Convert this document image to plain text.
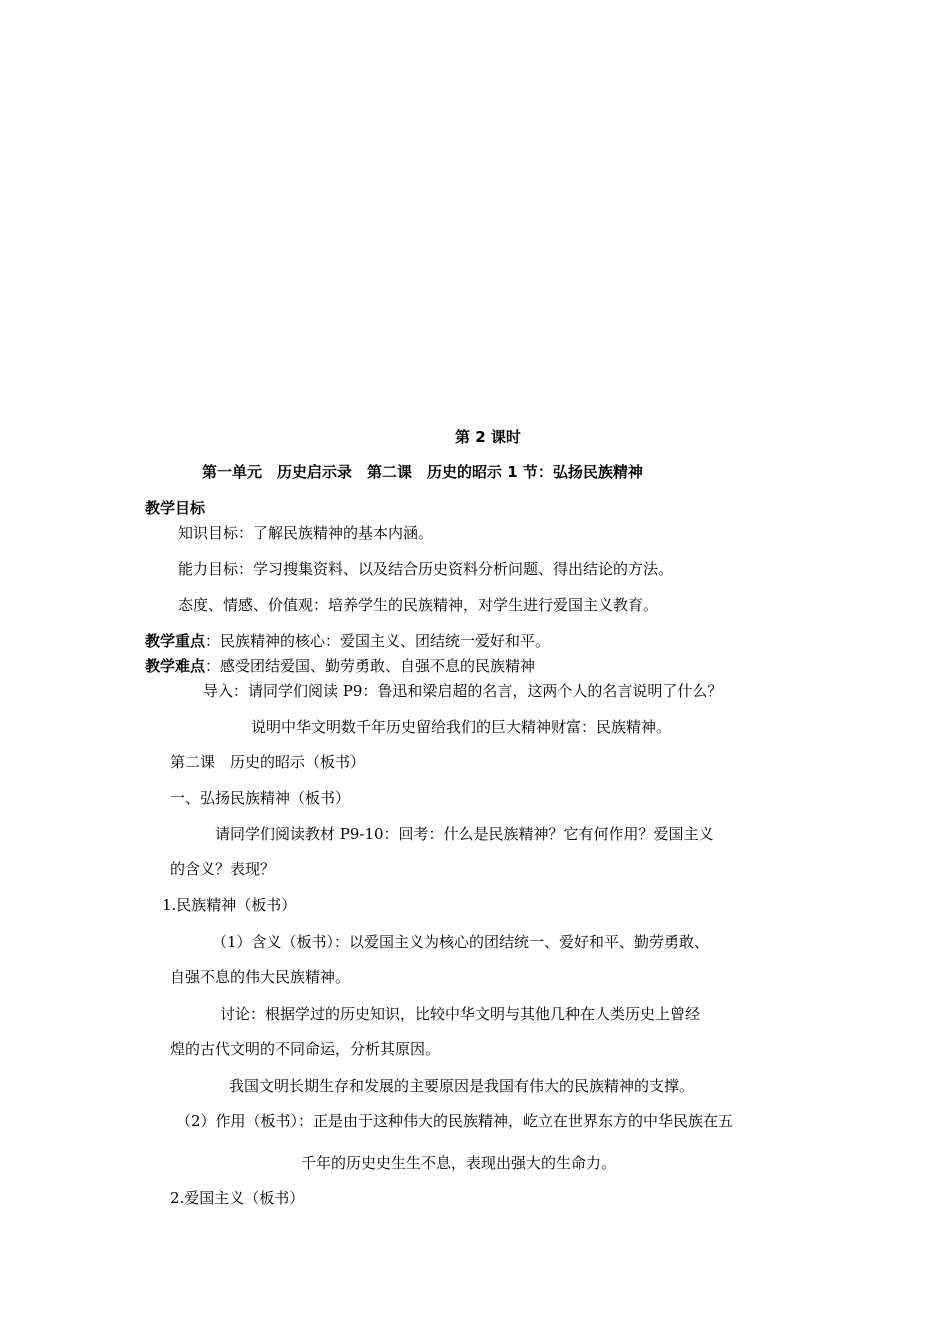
第 2 课时
第一单元　历史启示录　第二课　历史的昭示 1 节：弘扬民族精神
教学目标
知识目标：了解民族精神的基本内涵。
能力目标：学习搜集资料、以及结合历史资料分析问题、得出结论的方法。
态度、情感、价值观：培养学生的民族精神，对学生进行爱国主义教育。
教学重点：民族精神的核心：爱国主义、团结统一爱好和平。
教学难点：感受团结爱国、勤劳勇敢、自强不息的民族精神
导入：请同学们阅读 P9：鲁迅和梁启超的名言，这两个人的名言说明了什么？
说明中华文明数千年历史留给我们的巨大精神财富：民族精神。
第二课　历史的昭示（板书）
一、弘扬民族精神（板书）
请同学们阅读教材 P9-10：回考：什么是民族精神？它有何作用？爱国主义
的含义？表现？
1.民族精神（板书）
（1）含义（板书）：以爱国主义为核心的团结统一、爱好和平、勤劳勇敢、
自强不息的伟大民族精神。
讨论：根据学过的历史知识，比较中华文明与其他几种在人类历史上曾经
煌的古代文明的不同命运，分析其原因。
我国文明长期生存和发展的主要原因是我国有伟大的民族精神的支撑。
（2）作用（板书）：正是由于这种伟大的民族精神，屹立在世界东方的中华民族在五
千年的历史史生生不息，表现出强大的生命力。
2.爱国主义（板书）
